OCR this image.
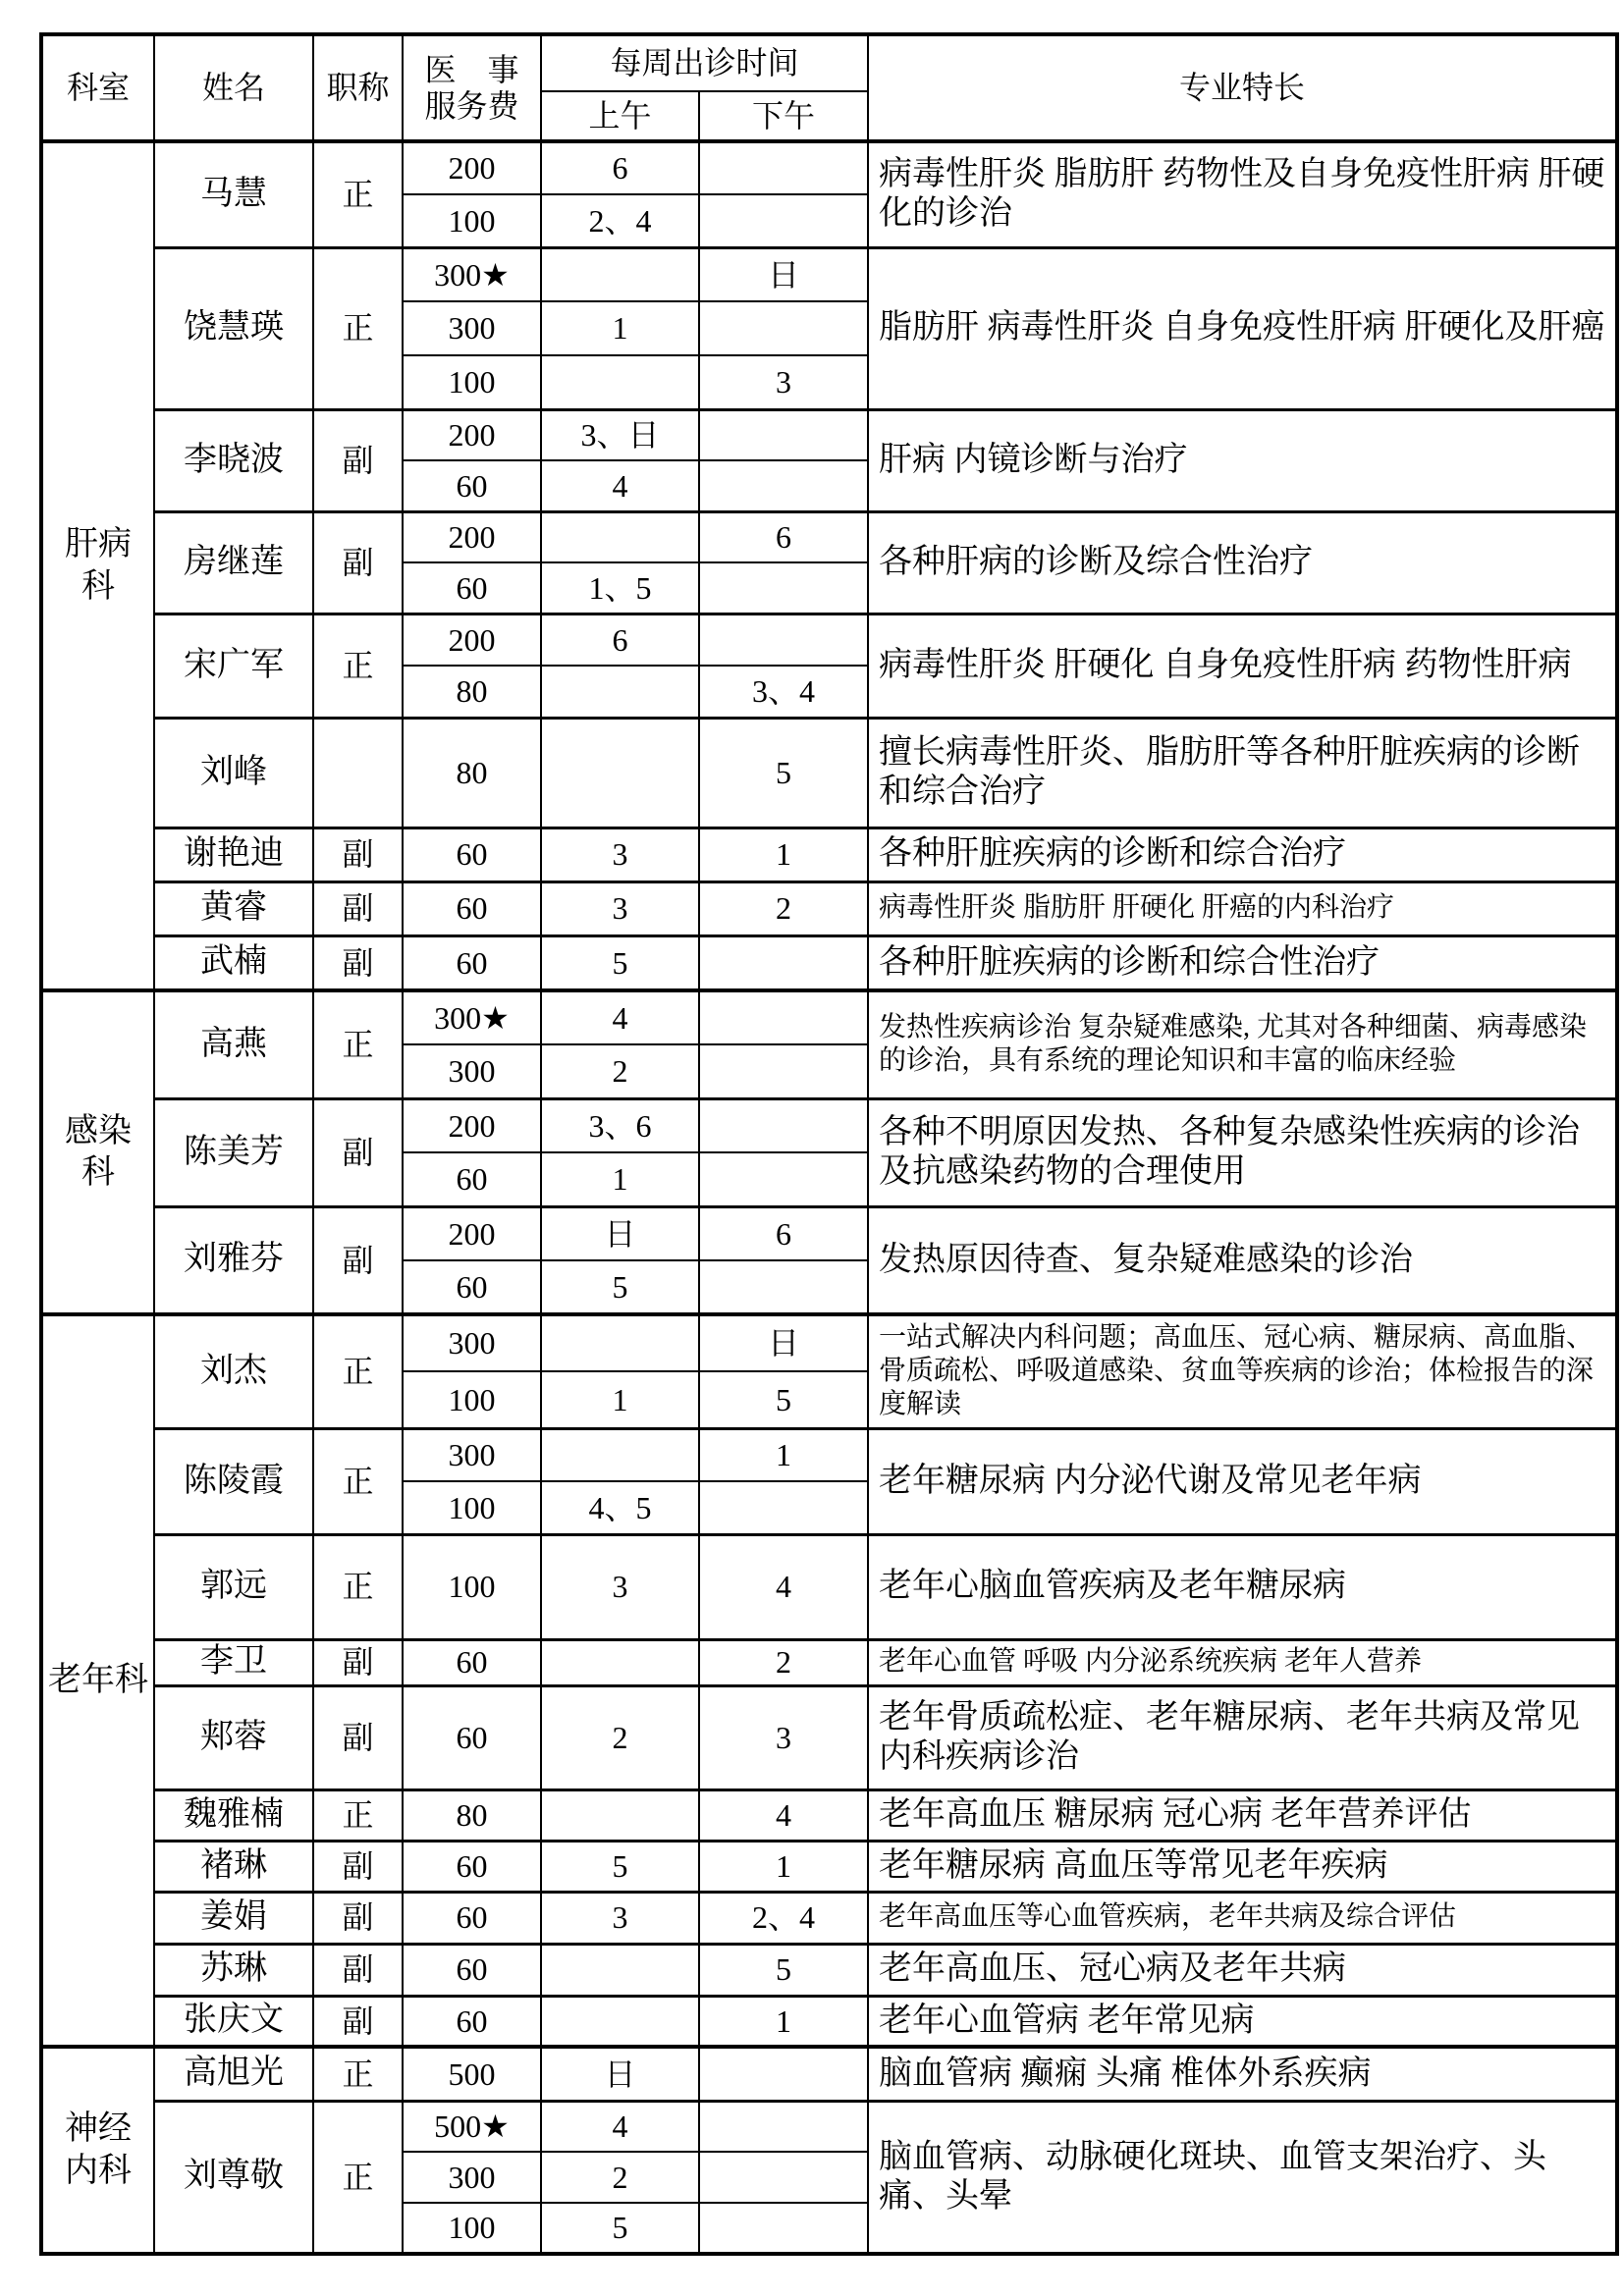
科室	姓名	职称	医　事
服务费	每周出诊时间		专业特长
				上午	下午	

肝病
科	马慧	正	200	6		病毒性肝炎 脂肪肝 药物性及自身免疫性肝病 肝硬化的诊治
			100	2、4		
	饶慧瑛	正	300★		日	脂肪肝 病毒性肝炎 自身免疫性肝病 肝硬化及肝癌
			300	1		
			100		3	
	李晓波	副	200	3、日		肝病 内镜诊断与治疗
			60	4		
	房继莲	副	200		6	各种肝病的诊断及综合性治疗
			60	1、5		
	宋广军	正	200	6		病毒性肝炎 肝硬化 自身免疫性肝病 药物性肝病
			80		3、4	
	刘峰		80		5	擅长病毒性肝炎、脂肪肝等各种肝脏疾病的诊断和综合治疗
	谢艳迪	副	60	3	1	各种肝脏疾病的诊断和综合治疗
	黄睿	副	60	3	2	病毒性肝炎 脂肪肝 肝硬化 肝癌的内科治疗
	武楠	副	60	5		各种肝脏疾病的诊断和综合性治疗

感染
科	高燕	正	300★	4		发热性疾病诊治 复杂疑难感染, 尤其对各种细菌、病毒感染的诊治，具有系统的理论知识和丰富的临床经验
			300	2		
	陈美芳	副	200	3、6		各种不明原因发热、各种复杂感染性疾病的诊治及抗感染药物的合理使用
			60	1		
	刘雅芬	副	200	日	6	发热原因待查、复杂疑难感染的诊治
			60	5		

老年科	刘杰	正	300		日	一站式解决内科问题；高血压、冠心病、糖尿病、高血脂、骨质疏松、呼吸道感染、贫血等疾病的诊治；体检报告的深度解读
			100	1	5	
	陈陵霞	正	300		1	老年糖尿病 内分泌代谢及常见老年病
			100	4、5		
	郭远	正	100	3	4	老年心脑血管疾病及老年糖尿病
	李卫	副	60		2	老年心血管 呼吸 内分泌系统疾病 老年人营养
	郏蓉	副	60	2	3	老年骨质疏松症、老年糖尿病、老年共病及常见内科疾病诊治
	魏雅楠	正	80		4	老年高血压 糖尿病 冠心病 老年营养评估
	褚琳	副	60	5	1	老年糖尿病 高血压等常见老年疾病
	姜娟	副	60	3	2、4	老年高血压等心血管疾病，老年共病及综合评估
	苏琳	副	60		5	老年高血压、冠心病及老年共病
	张庆文	副	60		1	老年心血管病 老年常见病

神经
内科	高旭光	正	500	日		脑血管病 癫痫 头痛 椎体外系疾病
	刘尊敬	正	500★	4		脑血管病、动脉硬化斑块、血管支架治疗、头痛、头晕
			300	2		
			100	5		
